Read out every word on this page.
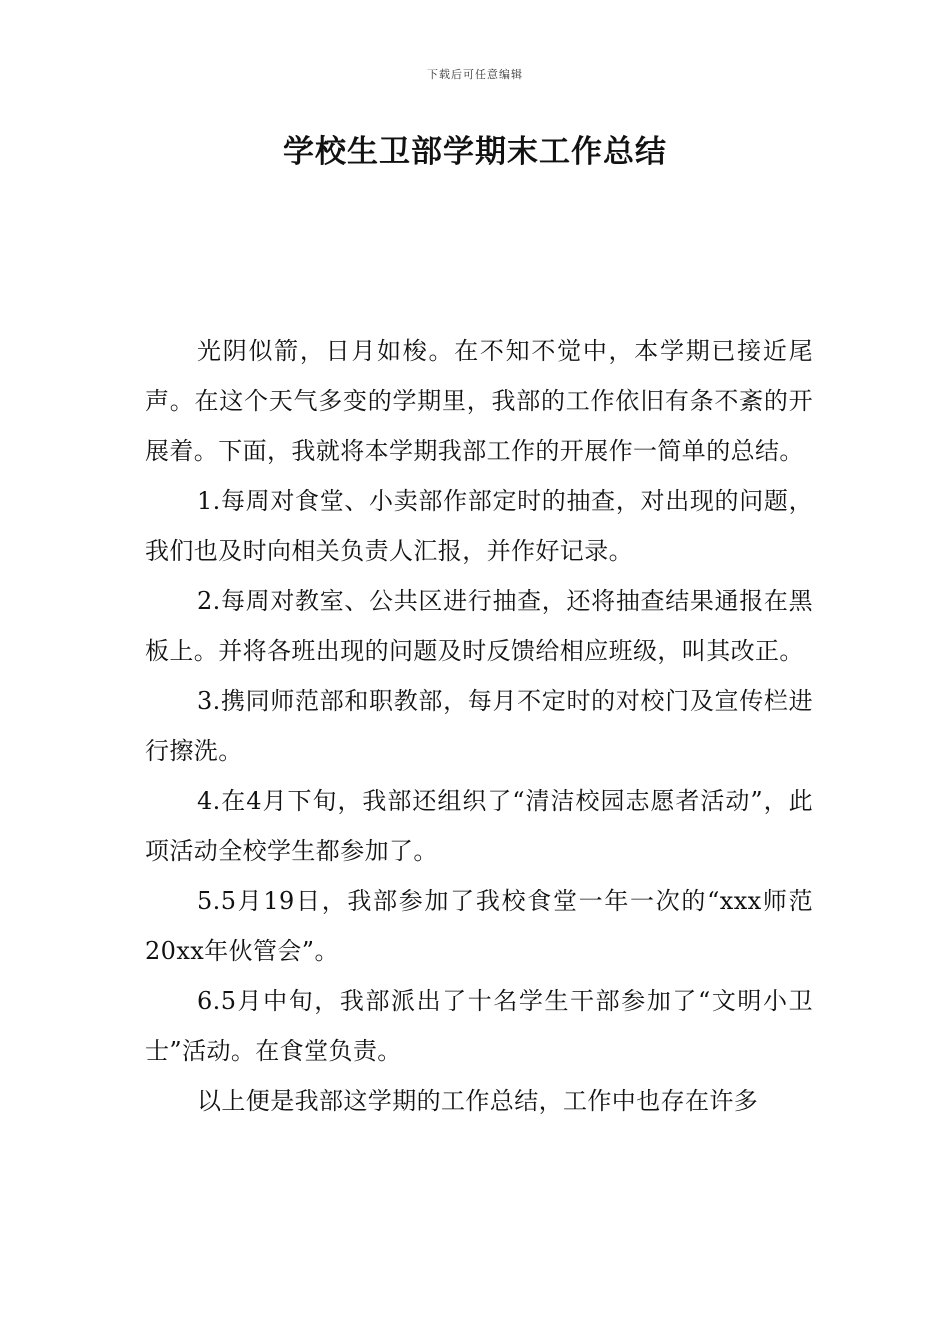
下载后可任意编辑
学校生卫部学期末工作总结

光阴似箭，日月如梭。在不知不觉中，本学期已接近尾声。在这个天气多变的学期里，我部的工作依旧有条不紊的开展着。下面，我就将本学期我部工作的开展作一简单的总结。

1.每周对食堂、小卖部作部定时的抽查，对出现的问题，我们也及时向相关负责人汇报，并作好记录。

2.每周对教室、公共区进行抽查，还将抽查结果通报在黑板上。并将各班出现的问题及时反馈给相应班级，叫其改正。

3.携同师范部和职教部，每月不定时的对校门及宣传栏进行擦洗。

4.在4月下旬，我部还组织了“清洁校园志愿者活动”，此项活动全校学生都参加了。

5.5月19日，我部参加了我校食堂一年一次的“xxx师范20xx年伙管会”。

6.5月中旬，我部派出了十名学生干部参加了“文明小卫士”活动。在食堂负责。

以上便是我部这学期的工作总结，工作中也存在许多
